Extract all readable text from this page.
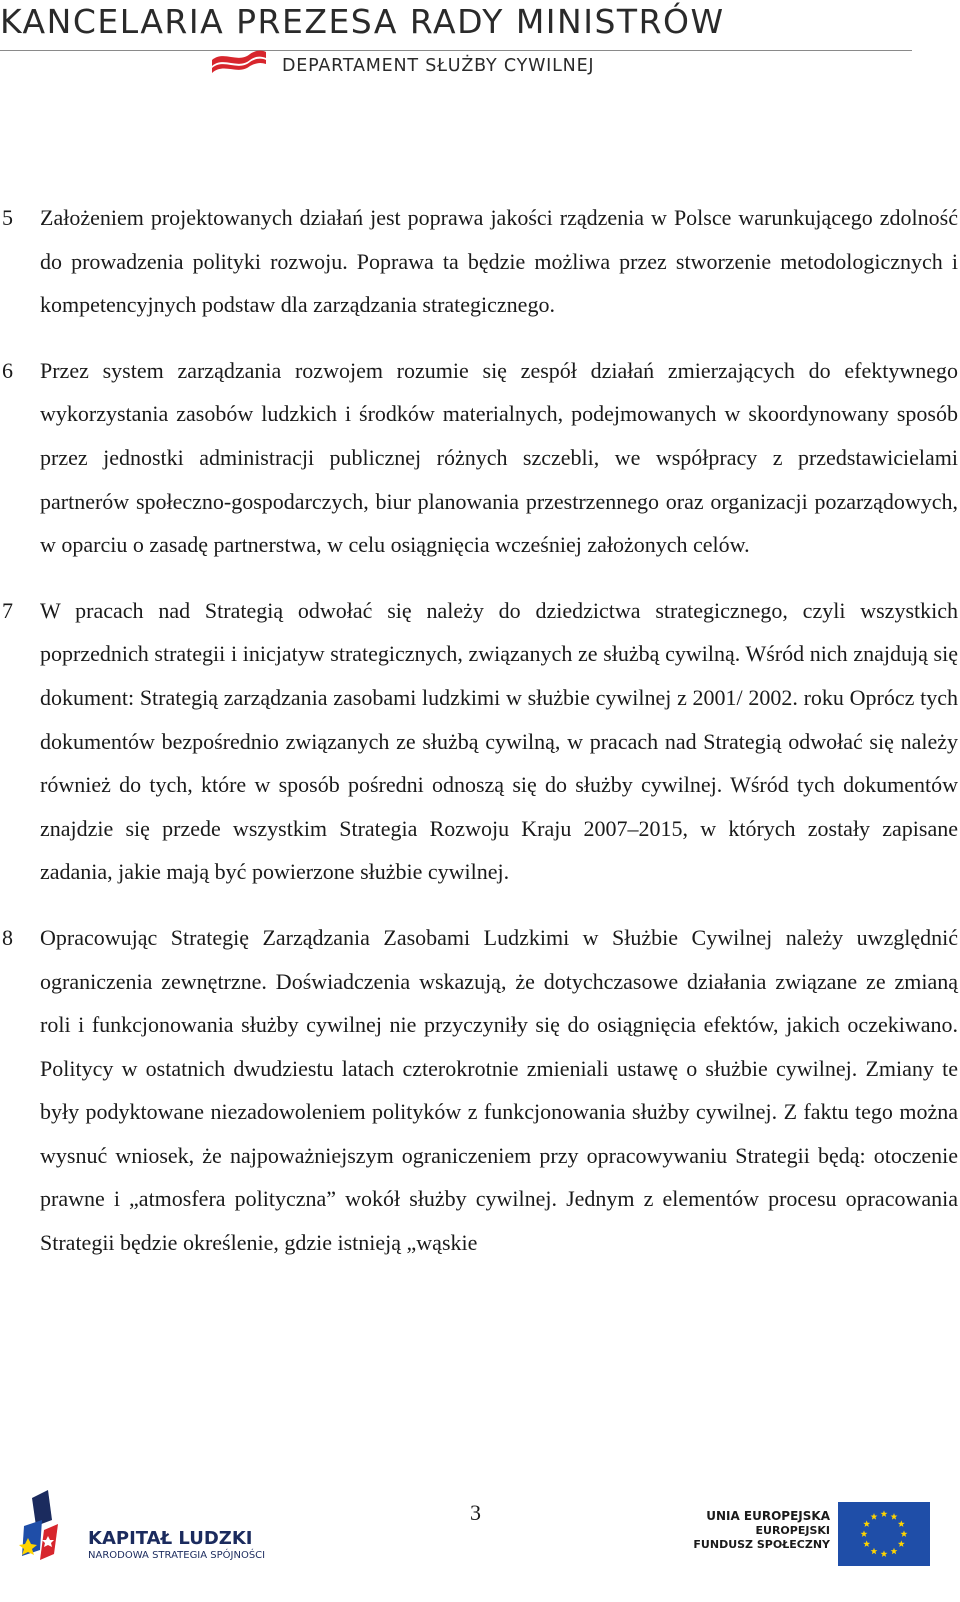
KANCELARIA PREZESA RADY MINISTRÓW
DEPARTAMENT SŁUŻBY CYWILNEJ
5 Założeniem projektowanych działań jest poprawa jakości rządzenia w Polsce warunkującego zdolność do prowadzenia polityki rozwoju. Poprawa ta będzie możliwa przez stworzenie metodologicznych i kompetencyjnych podstaw dla zarządzania strategicznego.

6 Przez system zarządzania rozwojem rozumie się zespół działań zmierzających do efektywnego wykorzystania zasobów ludzkich i środków materialnych, podejmowanych w skoordynowany sposób przez jednostki administracji publicznej różnych szczebli, we współpracy z przedstawicielami partnerów społeczno-gospodarczych, biur planowania przestrzennego oraz organizacji pozarządowych, w oparciu o zasadę partnerstwa, w celu osiągnięcia wcześniej założonych celów.

7 W pracach nad Strategią odwołać się należy do dziedzictwa strategicznego, czyli wszystkich poprzednich strategii i inicjatyw strategicznych, związanych ze służbą cywilną. Wśród nich znajdują się dokument: Strategią zarządzania zasobami ludzkimi w służbie cywilnej z 2001/ 2002. roku Oprócz tych dokumentów bezpośrednio związanych ze służbą cywilną, w pracach nad Strategią odwołać się należy również do tych, które w sposób pośredni odnoszą się do służby cywilnej. Wśród tych dokumentów znajdzie się przede wszystkim Strategia Rozwoju Kraju 2007–2015, w których zostały zapisane zadania, jakie mają być powierzone służbie cywilnej.

8 Opracowując Strategię Zarządzania Zasobami Ludzkimi w Służbie Cywilnej należy uwzględnić ograniczenia zewnętrzne. Doświadczenia wskazują, że dotychczasowe działania związane ze zmianą roli i funkcjonowania służby cywilnej nie przyczyniły się do osiągnięcia efektów, jakich oczekiwano. Politycy w ostatnich dwudziestu latach czterokrotnie zmieniali ustawę o służbie cywilnej. Zmiany te były podyktowane niezadowoleniem polityków z funkcjonowania służby cywilnej. Z faktu tego można wysnuć wniosek, że najpoważniejszym ograniczeniem przy opracowywaniu Strategii będą: otoczenie prawne i „atmosfera polityczna” wokół służby cywilnej. Jednym z elementów procesu opracowania Strategii będzie określenie, gdzie istnieją „wąskie

KAPITAŁ LUDZKI
NARODOWA STRATEGIA SPÓJNOŚCI
3	UNIA EUROPEJSKA
EUROPEJSKI
FUNDUSZ SPOŁECZNY
